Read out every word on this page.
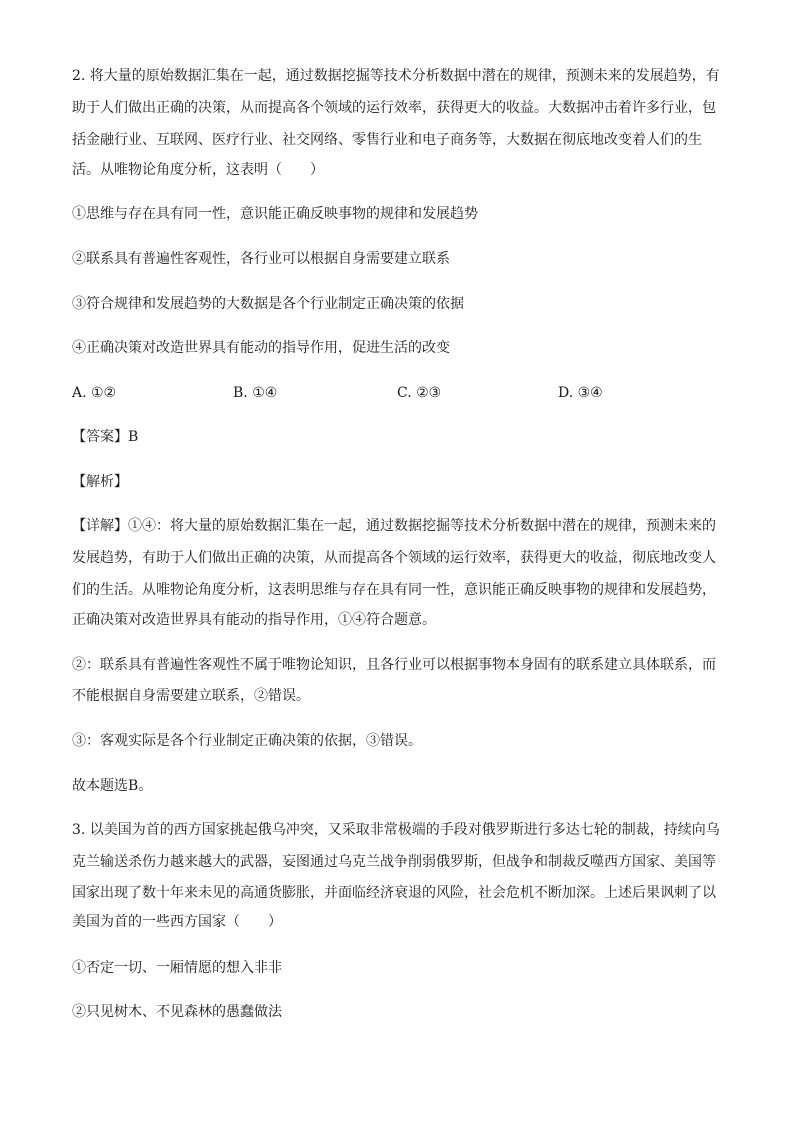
2. 将大量的原始数据汇集在一起，通过数据挖掘等技术分析数据中潜在的规律，预测未来的发展趋势，有
助于人们做出正确的决策，从而提高各个领域的运行效率，获得更大的收益。大数据冲击着许多行业，包
括金融行业、互联网、医疗行业、社交网络、零售行业和电子商务等，大数据在彻底地改变着人们的生
活。从唯物论角度分析，这表明（　　）
①思维与存在具有同一性，意识能正确反映事物的规律和发展趋势
②联系具有普遍性客观性，各行业可以根据自身需要建立联系
③符合规律和发展趋势的大数据是各个行业制定正确决策的依据
④正确决策对改造世界具有能动的指导作用，促进生活的改变
A. ①②	B. ①④	C. ②③	D. ③④
【答案】B
【解析】
【详解】①④：将大量的原始数据汇集在一起，通过数据挖掘等技术分析数据中潜在的规律，预测未来的
发展趋势，有助于人们做出正确的决策，从而提高各个领域的运行效率，获得更大的收益，彻底地改变人
们的生活。从唯物论角度分析，这表明思维与存在具有同一性，意识能正确反映事物的规律和发展趋势，
正确决策对改造世界具有能动的指导作用，①④符合题意。
②：联系具有普遍性客观性不属于唯物论知识，且各行业可以根据事物本身固有的联系建立具体联系，而
不能根据自身需要建立联系，②错误。
③：客观实际是各个行业制定正确决策的依据，③错误。
故本题选B。
3. 以美国为首的西方国家挑起俄乌冲突，又采取非常极端的手段对俄罗斯进行多达七轮的制裁，持续向乌
克兰输送杀伤力越来越大的武器，妄图通过乌克兰战争削弱俄罗斯，但战争和制裁反噬西方国家、美国等
国家出现了数十年来未见的高通货膨胀，并面临经济衰退的风险，社会危机不断加深。上述后果讽刺了以
美国为首的一些西方国家（　　）
①否定一切、一厢情愿的想入非非
②只见树木、不见森林的愚蠢做法
